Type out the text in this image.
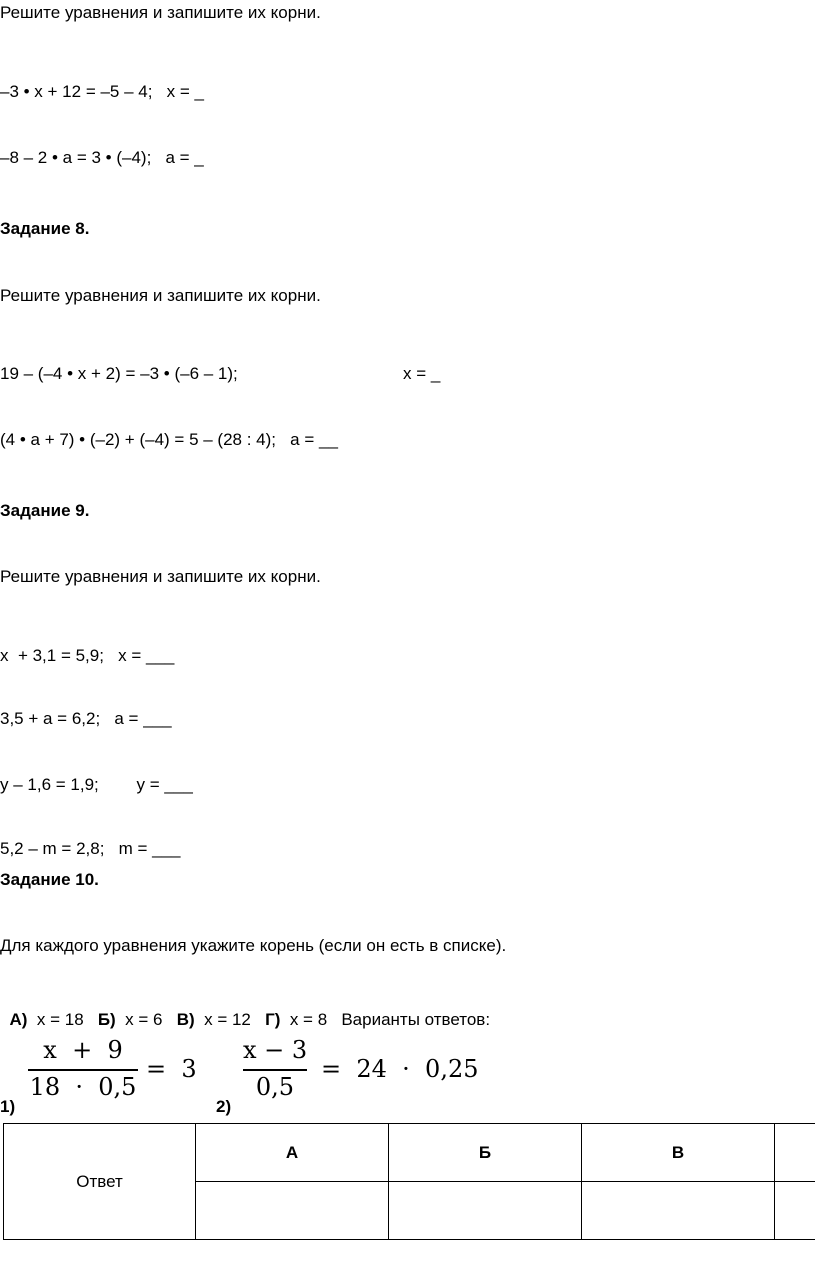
Решите уравнения и запишите их корни.
–3 • x + 12 = –5 – 4;   x = _
–8 – 2 • a = 3 • (–4);   a = _
Задание 8.
Решите уравнения и запишите их корни.
19 – (–4 • x + 2) = –3 • (–6 – 1);	x = _
(4 • a + 7) • (–2) + (–4) = 5 – (28 : 4);   a = __
Задание 9.
Решите уравнения и запишите их корни.
x  + 3,1 = 5,9;   x = ___
3,5 + a = 6,2;   a = ___
y – 1,6 = 1,9;        y = ___
5,2 – m = 2,8;   m = ___
Задание 10.
Для каждого уравнения укажите корень (если он есть в списке).

А) x = 18 Б) x = 6 В) x = 12 Г) x = 8 Варианты ответов:

x  +  9
18  ·  0,5
=  3
1)
x − 3
0,5
=  24  ·  0,25
2)
Ответ	А	Б	В	
